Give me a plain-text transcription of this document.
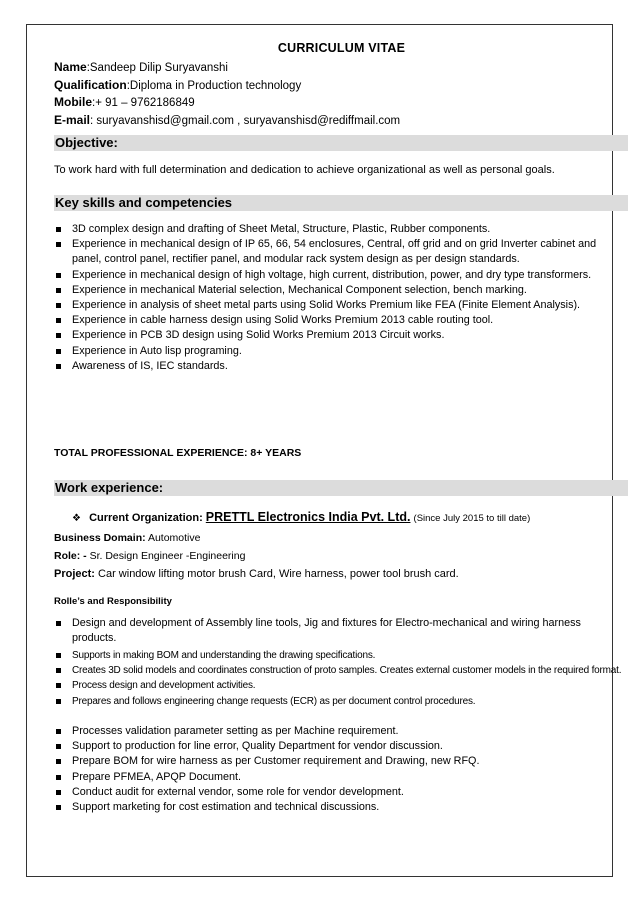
CURRICULUM VITAE
Name:Sandeep Dilip Suryavanshi
Qualification:Diploma in Production technology
Mobile:+ 91 – 9762186849
E-mail: suryavanshisd@gmail.com , suryavanshisd@rediffmail.com
Objective:
To work hard with full determination and dedication to achieve organizational as well as personal goals.
Key skills and competencies
3D complex design and drafting of Sheet Metal, Structure, Plastic, Rubber components.
Experience in mechanical design of IP 65, 66, 54 enclosures, Central, off grid and on grid Inverter cabinet and panel, control panel, rectifier panel, and modular rack system design as per design standards.
Experience in mechanical design of high voltage, high current, distribution, power, and dry type transformers.
Experience in mechanical Material selection, Mechanical Component selection, bench marking.
Experience in analysis of sheet metal parts using Solid Works Premium like FEA (Finite Element Analysis).
Experience in cable harness design using Solid Works Premium 2013 cable routing tool.
Experience in PCB 3D design using Solid Works Premium 2013 Circuit works.
Experience in Auto lisp programing.
Awareness of IS, IEC standards.
TOTAL PROFESSIONAL EXPERIENCE: 8+ YEARS
Work experience:
❖ Current Organization: PRETTL Electronics India Pvt. Ltd. (Since July 2015 to till date)
Business Domain: Automotive
Role: - Sr. Design Engineer -Engineering
Project: Car window lifting motor brush Card, Wire harness, power tool brush card.
Rolle’s and Responsibility
Design and development of Assembly line tools, Jig and fixtures for Electro-mechanical and wiring harness products.
Supports in making BOM and understanding the drawing specifications.
Creates 3D solid models and coordinates construction of proto samples. Creates external customer models in the required format.
Process design and development activities.
Prepares and follows engineering change requests (ECR) as per document control procedures.
Processes validation parameter setting as per Machine requirement.
Support to production for line error, Quality Department for vendor discussion.
Prepare BOM for wire harness as per Customer requirement and Drawing, new RFQ.
Prepare PFMEA, APQP Document.
Conduct audit for external vendor, some role for vendor development.
Support marketing for cost estimation and technical discussions.
